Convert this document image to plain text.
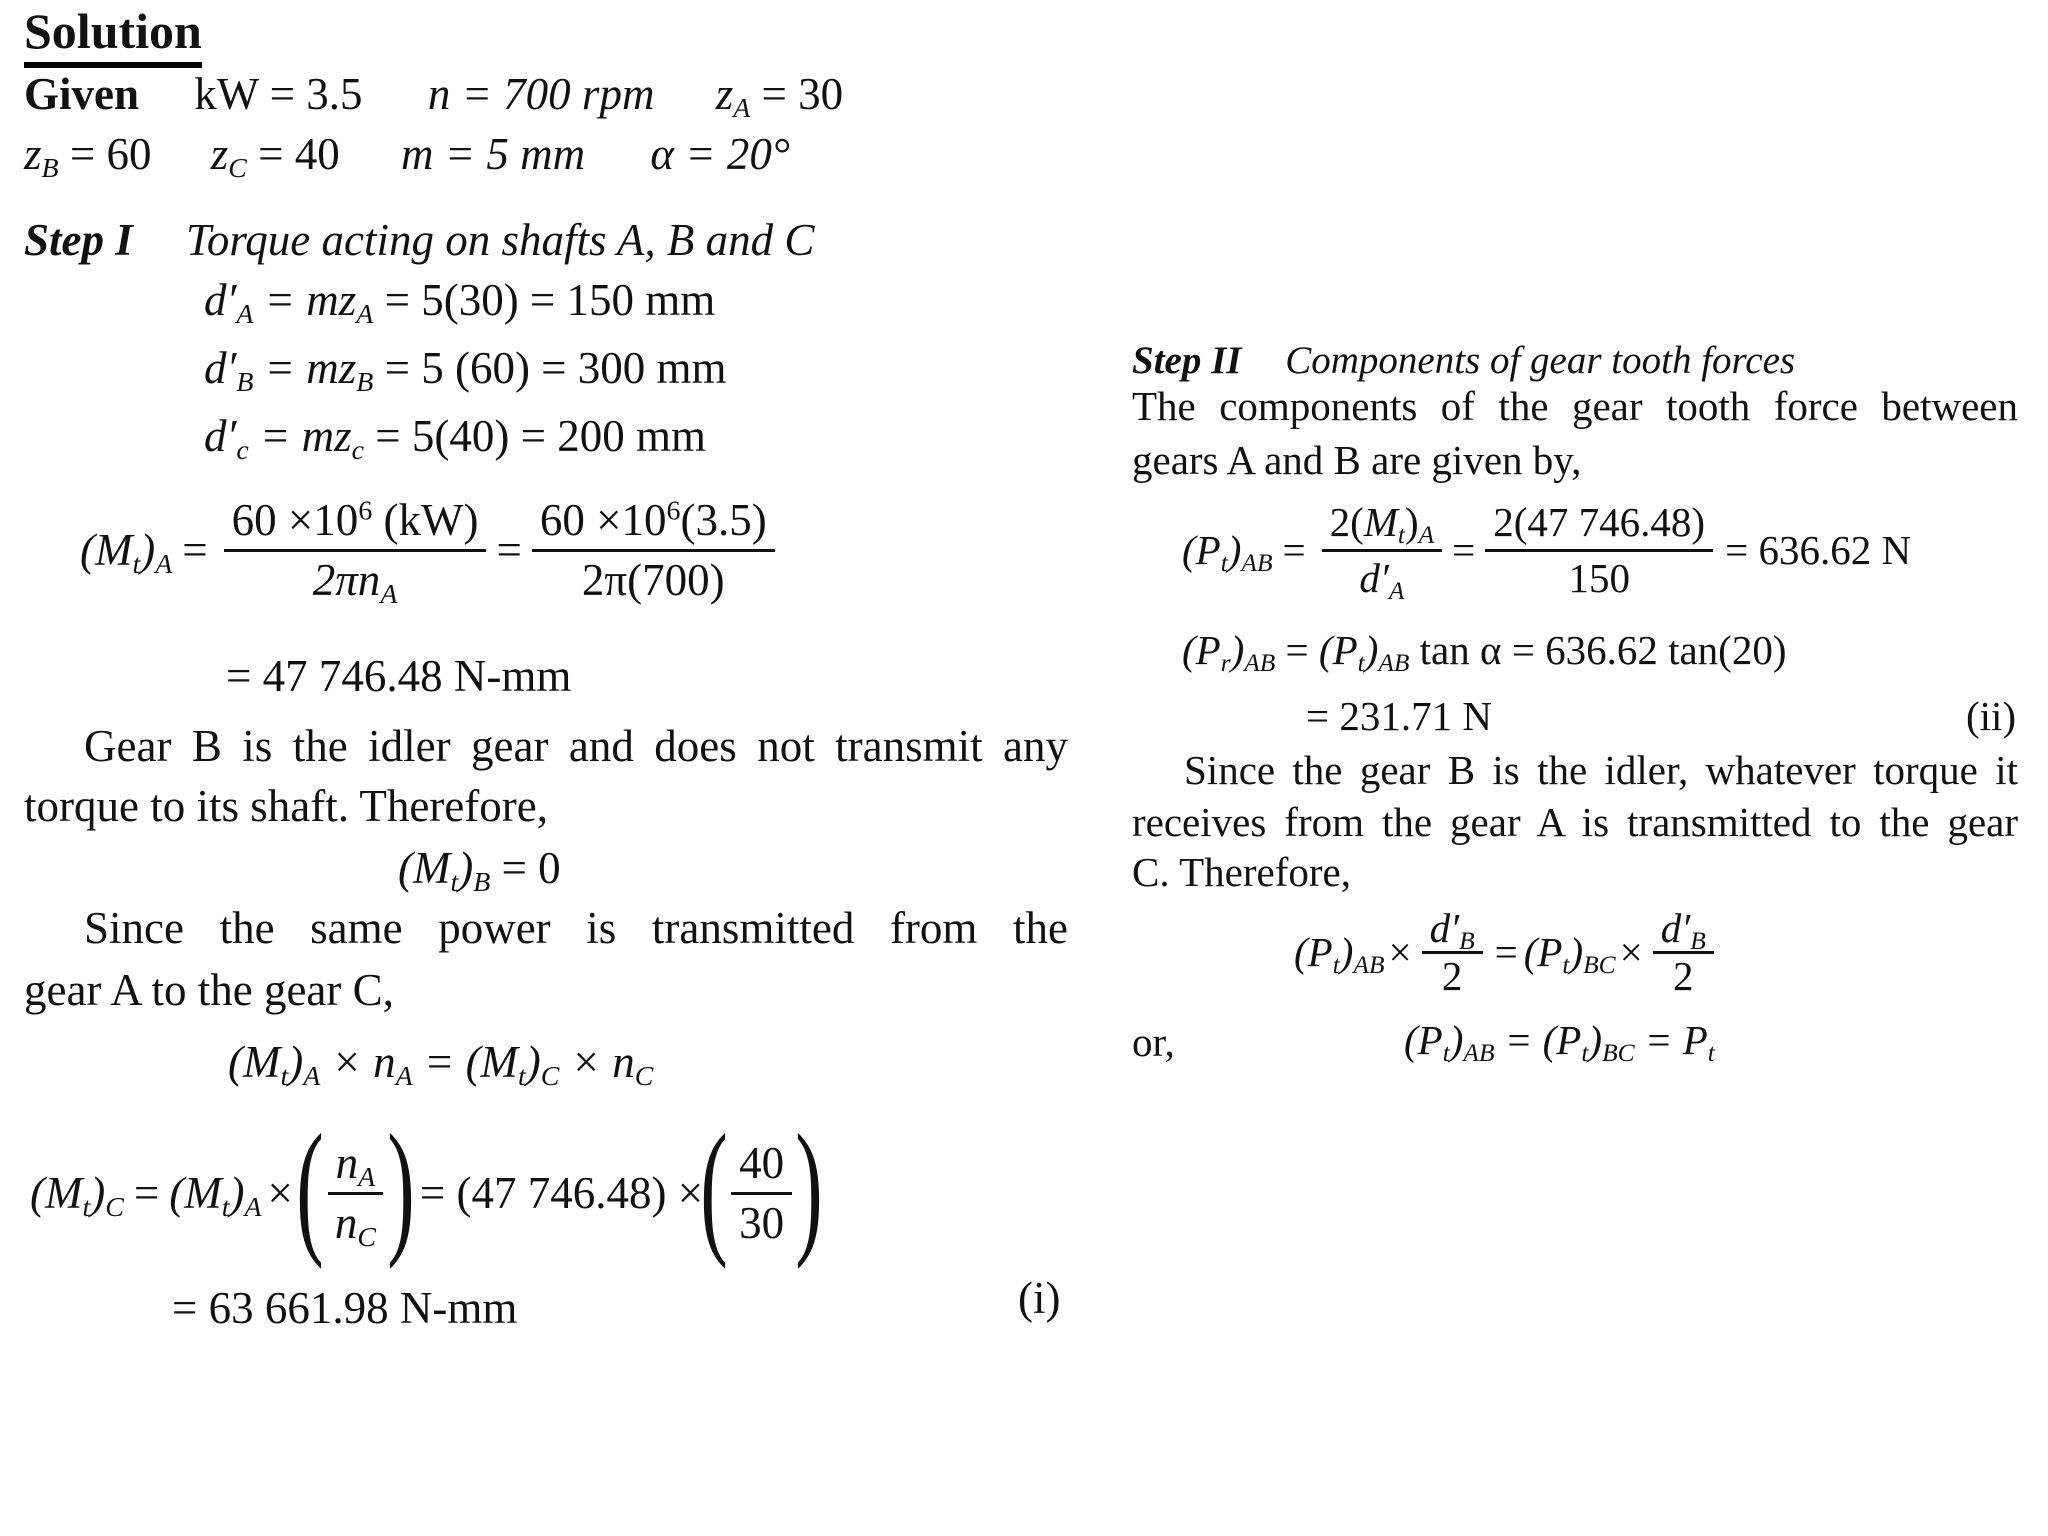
Solution
Given kW = 3.5 n = 700 rpm $z_A = 30$
$z_B = 60$ $z_C = 40$ m = 5 mm α = 20°
Step I Torque acting on shafts A, B and C
$d'_A = mz_A = 5(30) = 150$ mm
$d'_B = mz_B = 5$ (60) = 300 mm
$d'_c = mz_c = 5(40) = 200$ mm
$(M_t)_A = \frac{60 \times 10^6 (kW)}{2\pi n_A} = \frac{60 \times 10^6(3.5)}{2\pi(700)}$
= 47 746.48 N-mm
Gear B is the idler gear and does not transmit any
torque to its shaft. Therefore,
$(M_t)_B = 0$
Since the same power is transmitted from the
gear A to the gear C,
$(M_t)_A \times n_A = (M_t)_C \times n_C$
$(M_t)_C = (M_t)_A$ × ( $\frac{n_A}{n_C}$ ) = (47 746.48) ×
( $\frac{40}{30}$ )
= 63 661.98 N-mm	(i)
Step II Components of gear tooth forces
The components of the gear tooth force between
gears A and B are given by,
$(P_t)_{AB} = \frac{2(M_t)_A}{d'_A} = \frac{2(47 746.48)}{150} = 636.62$ N
$(P_r)_{AB} = (P_t)_{AB}$ tan α = 636.62 tan(20)
= 231.71 N	(ii)
Since the gear B is the idler, whatever torque it
receives from the gear A is transmitted to the gear
C. Therefore,
$(P_t)_{AB} \times \frac{d'_B}{2} = (P_t)_{BC} \times \frac{d'_B}{2}$
or,	$(P_t)_{AB} = (P_t)_{BC} = P_t$
